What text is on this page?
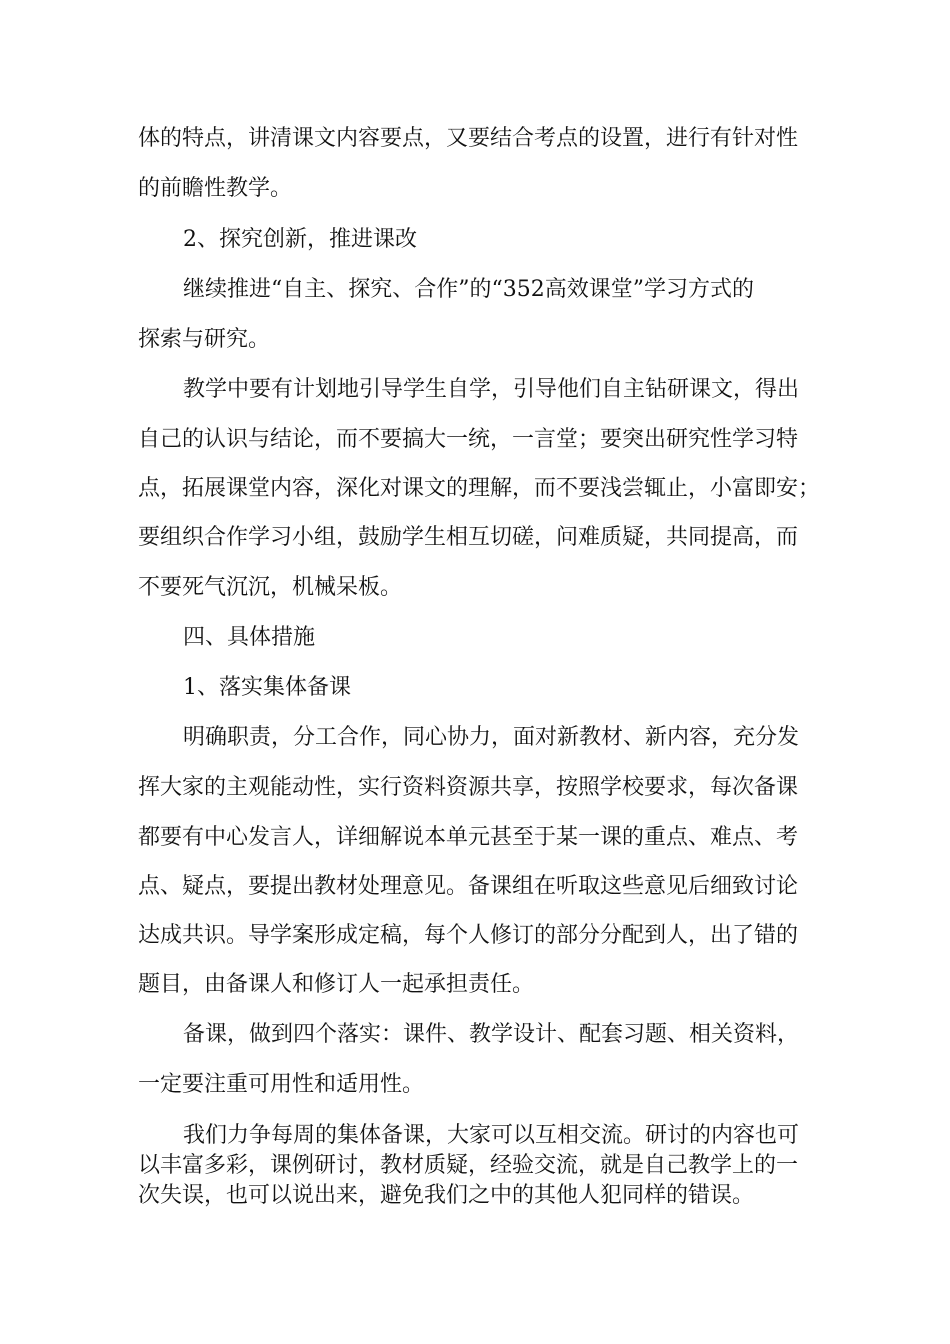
体的特点，讲清课文内容要点，又要结合考点的设置，进行有针对性
的前瞻性教学。
2、探究创新，推进课改
继续推进“自主、探究、合作”的“352高效课堂”学习方式的
探索与研究。
教学中要有计划地引导学生自学，引导他们自主钻研课文，得出
自己的认识与结论，而不要搞大一统，一言堂；要突出研究性学习特
点，拓展课堂内容，深化对课文的理解，而不要浅尝辄止，小富即安；
要组织合作学习小组，鼓励学生相互切磋，问难质疑，共同提高，而
不要死气沉沉，机械呆板。
四、具体措施
1、落实集体备课
明确职责，分工合作，同心协力，面对新教材、新内容，充分发
挥大家的主观能动性，实行资料资源共享，按照学校要求，每次备课
都要有中心发言人，详细解说本单元甚至于某一课的重点、难点、考
点、疑点，要提出教材处理意见。备课组在听取这些意见后细致讨论
达成共识。导学案形成定稿，每个人修订的部分分配到人，出了错的
题目，由备课人和修订人一起承担责任。
备课，做到四个落实：课件、教学设计、配套习题、相关资料，
一定要注重可用性和适用性。
我们力争每周的集体备课，大家可以互相交流。研讨的内容也可
以丰富多彩，课例研讨，教材质疑，经验交流，就是自己教学上的一
次失误，也可以说出来，避免我们之中的其他人犯同样的错误。
